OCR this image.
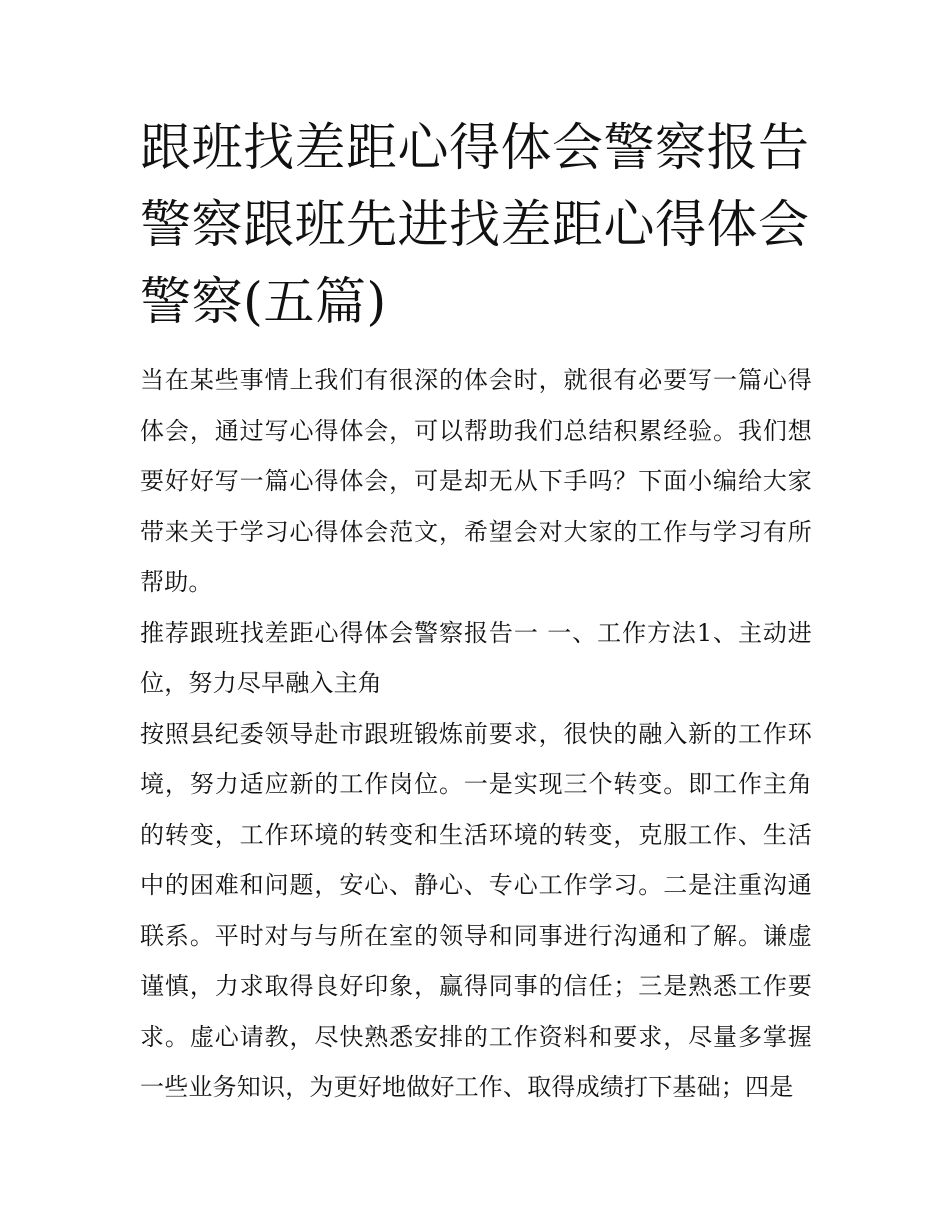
跟班找差距心得体会警察报告警察跟班先进找差距心得体会警察(五篇)

当在某些事情上我们有很深的体会时，就很有必要写一篇心得体会，通过写心得体会，可以帮助我们总结积累经验。我们想要好好写一篇心得体会，可是却无从下手吗？下面小编给大家带来关于学习心得体会范文，希望会对大家的工作与学习有所帮助。

推荐跟班找差距心得体会警察报告一 一、工作方法1、主动进位，努力尽早融入主角

按照县纪委领导赴市跟班锻炼前要求，很快的融入新的工作环境，努力适应新的工作岗位。一是实现三个转变。即工作主角的转变，工作环境的转变和生活环境的转变，克服工作、生活中的困难和问题，安心、静心、专心工作学习。二是注重沟通联系。平时对与与所在室的领导和同事进行沟通和了解。谦虚谨慎，力求取得良好印象，赢得同事的信任；三是熟悉工作要求。虚心请教，尽快熟悉安排的工作资料和要求，尽量多掌握一些业务知识，为更好地做好工作、取得成绩打下基础；四是
